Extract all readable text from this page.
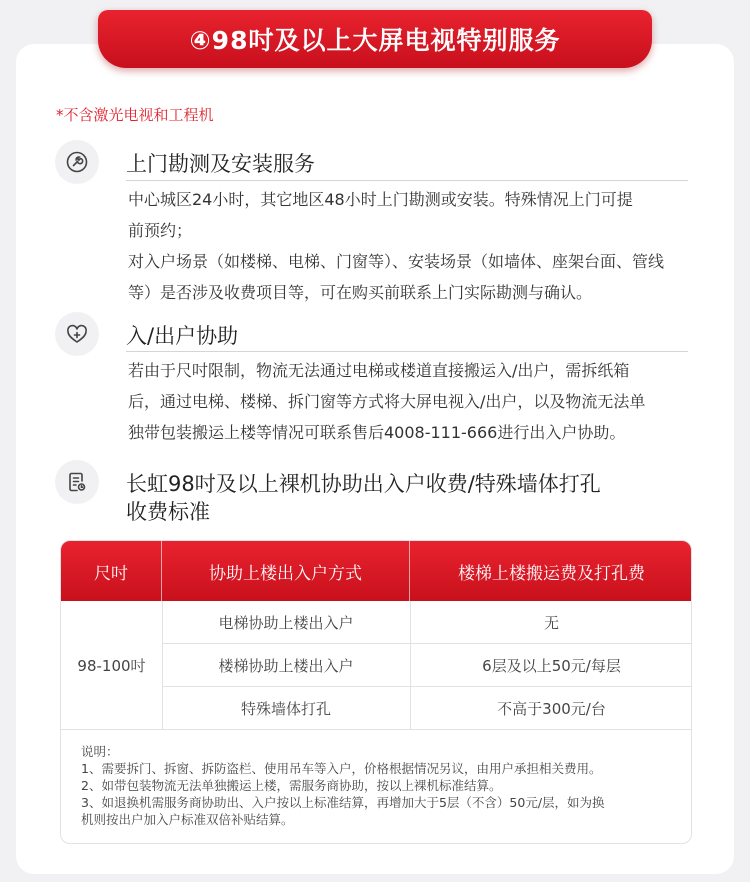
④98吋及以上大屏电视特别服务
*不含激光电视和工程机
上门勘测及安装服务
中心城区24小时，其它地区48小时上门勘测或安装。特殊情况上门可提
前预约；
对入户场景（如楼梯、电梯、门窗等）、安装场景（如墙体、座架台面、管线
等）是否涉及收费项目等，可在购买前联系上门实际勘测与确认。
入/出户协助
若由于尺吋限制，物流无法通过电梯或楼道直接搬运入/出户，需拆纸箱
后，通过电梯、楼梯、拆门窗等方式将大屏电视入/出户，以及物流无法单
独带包装搬运上楼等情况可联系售后4008-111-666进行出入户协助。
长虹98吋及以上裸机协助出入户收费/特殊墙体打孔
收费标准
尺吋	协助上楼出入户方式	楼梯上楼搬运费及打孔费
98-100吋
电梯协助上楼出入户	无
楼梯协助上楼出入户	6层及以上50元/每层
特殊墙体打孔	不高于300元/台
说明：
1、需要拆门、拆窗、拆防盗栏、使用吊车等入户，价格根据情况另议，由用户承担相关费用。
2、如带包装物流无法单独搬运上楼，需服务商协助，按以上裸机标准结算。
3、如退换机需服务商协助出、入户按以上标准结算，再增加大于5层（不含）50元/层，如为换
机则按出户加入户标准双倍补贴结算。
